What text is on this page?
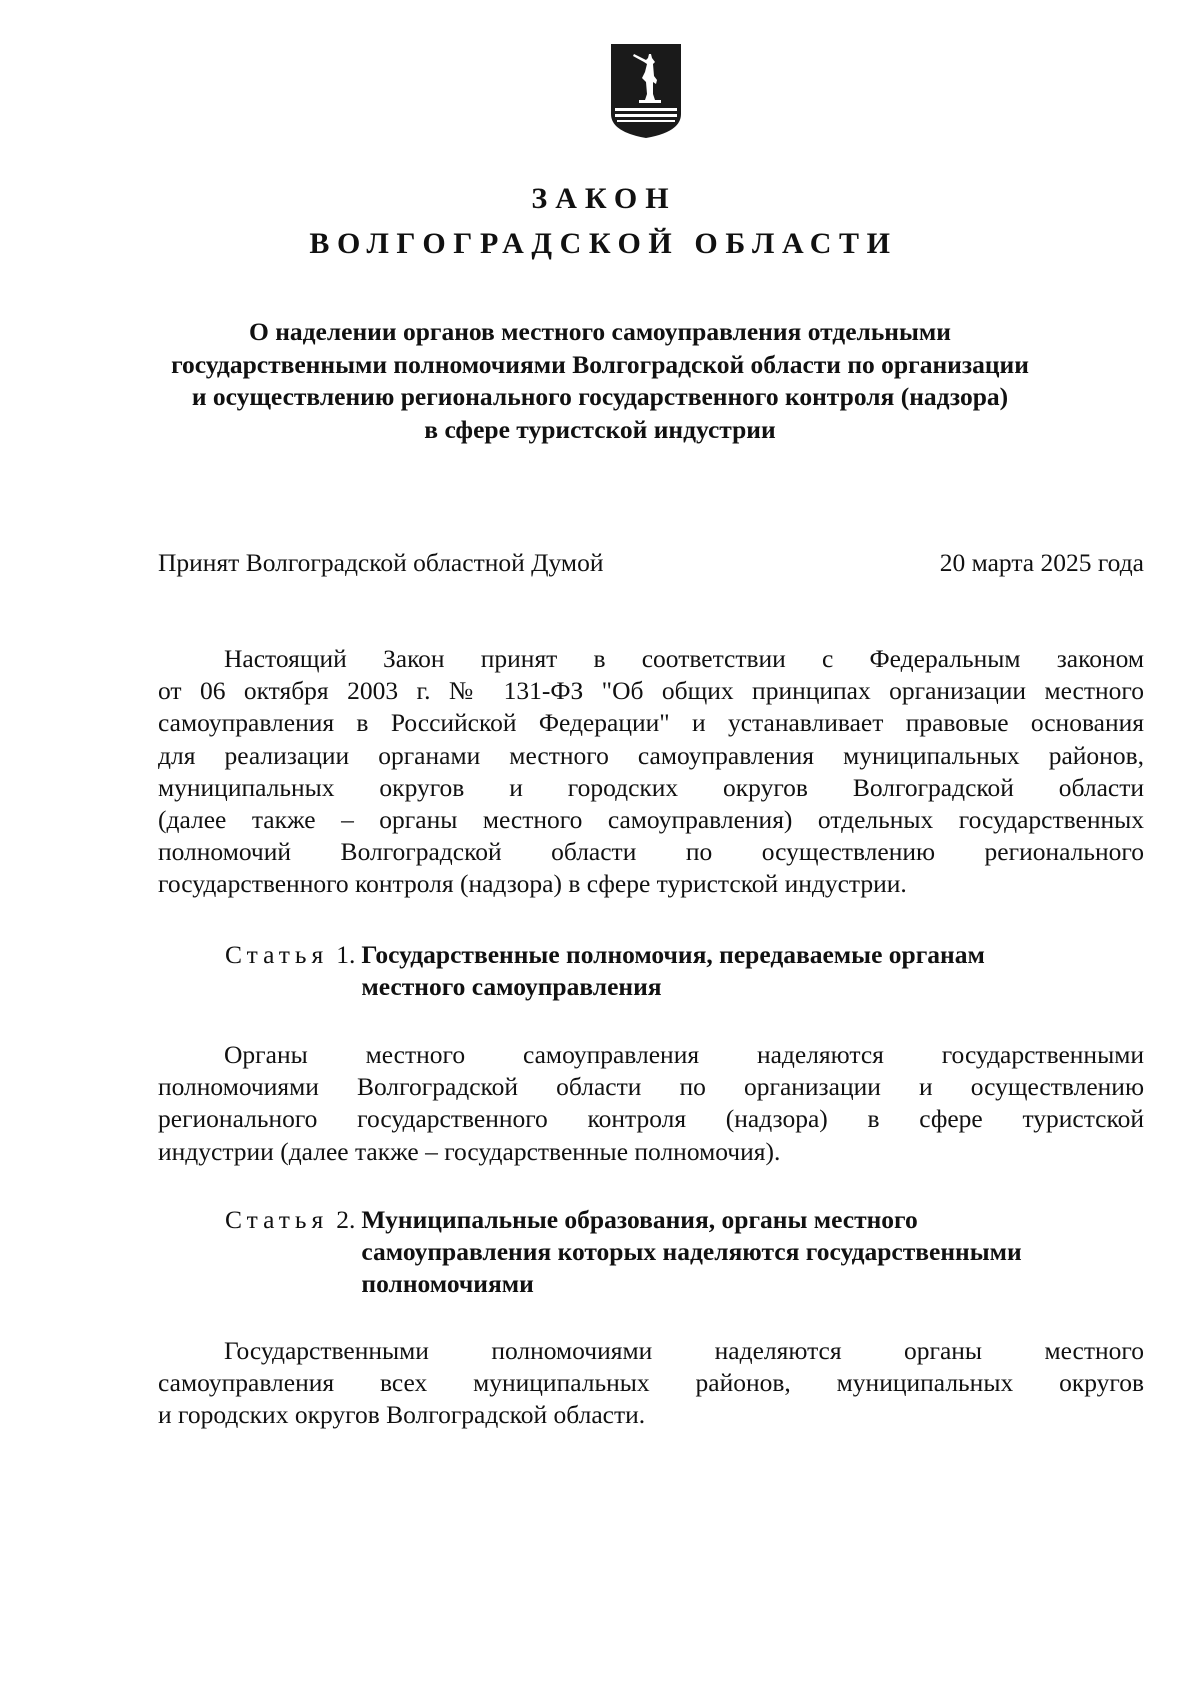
ЗАКОН
ВОЛГОГРАДСКОЙ ОБЛАСТИ
О наделении органов местного самоуправления отдельными
государственными полномочиями Волгоградской области по организации
и осуществлению регионального государственного контроля (надзора)
в сфере туристской индустрии
Принят Волгоградской областной Думой	20 марта 2025 года
Настоящий Закон принят в соответствии с Федеральным законом
от 06 октября 2003 г. № 131-ФЗ "Об общих принципах организации местного
самоуправления в Российской Федерации" и устанавливает правовые основания
для реализации органами местного самоуправления муниципальных районов,
муниципальных округов и городских округов Волгоградской области
(далее также – органы местного самоуправления) отдельных государственных
полномочий Волгоградской области по осуществлению регионального
государственного контроля (надзора) в сфере туристской индустрии.
Статья 1. Государственные полномочия, передаваемые органам
местного самоуправления
Органы местного самоуправления наделяются государственными
полномочиями Волгоградской области по организации и осуществлению
регионального государственного контроля (надзора) в сфере туристской
индустрии (далее также – государственные полномочия).
Статья 2. Муниципальные образования, органы местного
самоуправления которых наделяются государственными
полномочиями
Государственными полномочиями наделяются органы местного
самоуправления всех муниципальных районов, муниципальных округов
и городских округов Волгоградской области.
